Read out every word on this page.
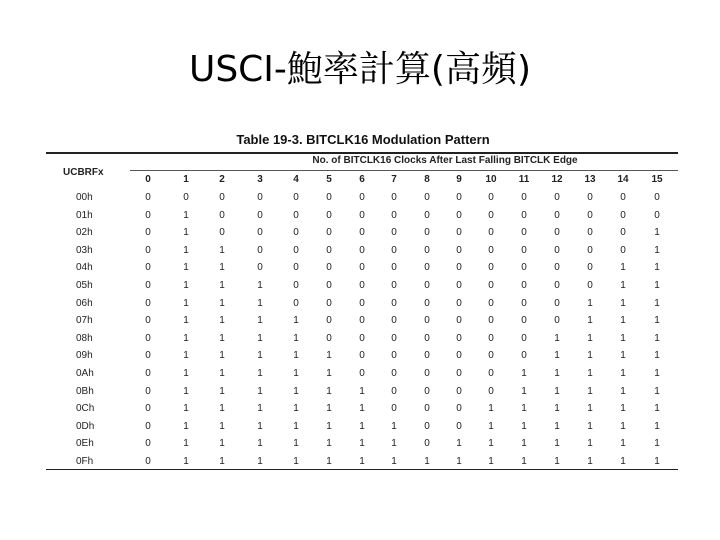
USCI-鮑率計算(高頻)
Table 19-3. BITCLK16 Modulation Pattern
No. of BITCLK16 Clocks After Last Falling BITCLK Edge
UCBRFx
0	1	2	3	4	5	6	7	8	9 10 11 12 13 14 15
00h	0	0	0	0	0	0	0	0	0	0	0	0	0	0	0	0
01h	0	1	0	0	0	0	0	0	0	0	0	0	0	0	0	0
02h	0	1	0	0	0	0	0	0	0	0	0	0	0	0	0	1
03h	0	1	1	0	0	0	0	0	0	0	0	0	0	0	0	1
04h	0	1	1	0	0	0	0	0	0	0	0	0	0	0	1	1
05h	0	1	1	1	0	0	0	0	0	0	0	0	0	0	1	1
06h	0	1	1	1	0	0	0	0	0	0	0	0	0	1	1	1
07h	0	1	1	1	1	0	0	0	0	0	0	0	0	1	1	1
08h	0	1	1	1	1	0	0	0	0	0	0	0	1	1	1	1
09h	0	1	1	1	1	1	0	0	0	0	0	0	1	1	1	1
0Ah	0	1	1	1	1	1	0	0	0	0	0	1	1	1	1	1
0Bh	0	1	1	1	1	1	1	0	0	0	0	1	1	1	1	1
0Ch	0	1	1	1	1	1	1	0	0	0	1	1	1	1	1	1
0Dh	0	1	1	1	1	1	1	1	0	0	1	1	1	1	1	1
0Eh	0	1	1	1	1	1	1	1	0	1	1	1	1	1	1	1
0Fh	0	1	1	1	1	1	1	1	1	1	1	1	1	1	1	1
